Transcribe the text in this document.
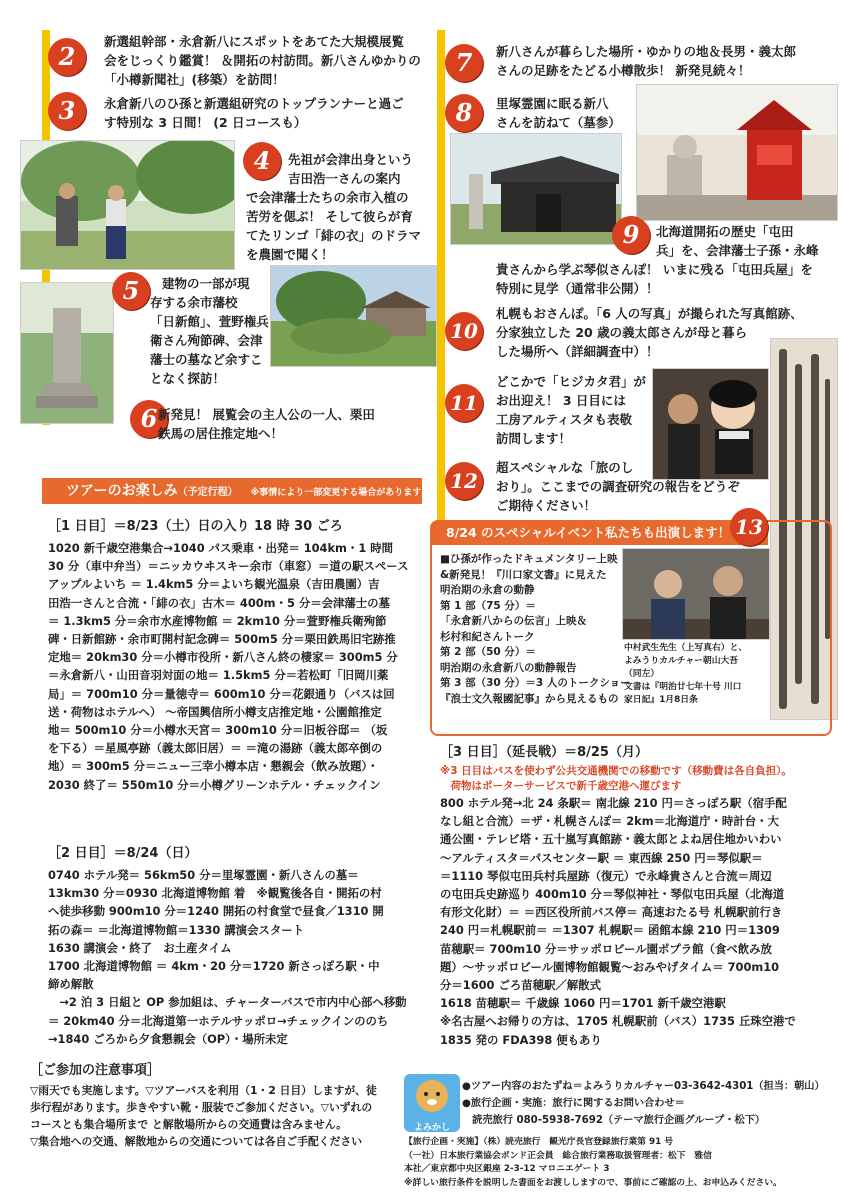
2
新選組幹部・永倉新八にスポットをあてた大規模展覧
会をじっくり鑑賞！ ＆開拓の村訪問。新八さんゆかりの
「小樽新聞社」(移築）を訪問！
3	永倉新八のひ孫と新選組研究のトップランナーと過ご
す特別な 3 日間！ (2 日コースも）
4	先祖が会津出身という
吉田浩一さんの案内
で会津藩士たちの余市入植の
苦労を偲ぶ！ そして彼らが育
てたリンゴ「緋の衣」のドラマ
を農園で聞く！
5	建物の一部が現
存する余市藩校
「日新館」、萱野権兵
衛さん殉節碑、会津
藩士の墓など余すこ
となく探訪！
6 新発見！ 展覧会の主人公の一人、栗田
鉄馬の居住推定地へ！
7	新八さんが暮らした場所・ゆかりの地＆長男・義太郎
さんの足跡をたどる小樽散歩！ 新発見続々！
8	里塚霊園に眠る新八
さんを訪ねて（墓参）
9	北海道開拓の歴史「屯田
兵」を、会津藩士子孫・永峰
貴さんから学ぶ琴似さんぽ！ いまに残る「屯田兵屋」を
特別に見学（通常非公開）！
10
札幌もおさんぽ。「6 人の写真」が撮られた写真館跡、
分家独立した 20 歳の義太郎さんが母と暮ら
した場所へ（詳細調査中）！
11
どこかで「ヒジカタ君」が
お出迎え！ 3 日目には
工房アルティスタも表敬
訪問します！
12
超スペシャルな「旅のし
おり」。ここまでの調査研究の報告をどうぞ
ご期待ください！
ツアーのお楽しみ（予定行程） ※事情により一部変更する場合があります
［1 日目］＝8/23（土）日の入り 18 時 30 ごろ
1020 新千歳空港集合→1040 パス乗車・出発＝ 104km・1 時間
30 分（車中弁当）＝ニッカウヰスキー余市（車窓）＝道の駅スペース
アップルよいち ＝ 1.4km5 分＝よいち観光温泉（吉田農園）吉
田浩一さんと合流・「緋の衣」古木＝ 400m・5 分＝会津藩士の墓
＝ 1.3km5 分＝余市水産博物館 ＝ 2km10 分＝萱野権兵衛殉節
碑・日新館跡・余市町開村記念碑＝ 500m5 分＝栗田鉄馬旧宅跡推
定地＝ 20km30 分＝小樽市役所・新八さん終の棲家＝ 300m5 分
＝永倉新八・山田音羽対面の地＝ 1.5km5 分＝若松町「旧岡川薬
局」＝ 700m10 分＝量徳寺＝ 600m10 分＝花銀通り（バスは回
送・荷物はホテルへ） ～帝国興信所小樽支店推定地・公園館推定
地＝ 500m10 分＝小樽水天宮＝ 300m10 分＝旧板谷邸＝ （坂
を下る）＝星風亭跡（義太郎旧居）＝ ＝滝の湯跡（義太郎卒倒の
地）＝ 300m5 分＝ニュー三幸小樽本店・懇親会（飲み放題）・
2030 終了＝ 550m10 分＝小樽グリーンホテル・チェックイン
［2 日目］＝8/24（日）
0740 ホテル発＝ 56km50 分＝里塚霊園・新八さんの墓＝
13km30 分＝0930 北海道博物館 着　※観覧後各自・開拓の村
へ徒歩移動 900m10 分＝1240 開拓の村食堂で昼食／1310 開
拓の森＝ ＝北海道博物館＝1330 講演会スタート
1630 講演会・終了　お土産タイム
1700 北海道博物館 ＝ 4km・20 分＝1720 新さっぽろ駅・中
締め解散
　→2 泊 3 日組と OP 参加組は、チャーターバスで市内中心部へ移動
＝ 20km40 分＝北海道第一ホテルサッポロ→チェックインののち
→1840 ごろから夕食懇親会（OP）・場所未定
8/24 のスペシャルイベント私たちも出演します！ 13
■ひ孫が作ったドキュメンタリー上映
&新発見！『川口家文書』に見えた
明治期の永倉の動静
第 1 部（75 分）＝
「永倉新八からの伝言」上映＆
杉村和紀さんトーク
第 2 部（50 分）＝
明治期の永倉新八の動静報告
第 3 部（30 分）＝3 人のトークショー
『浪士文久報國記事』から見えるもの
中村武生先生（上写真右）と、
よみうりカルチャー朝山大吾
（同左）
文書は『明治廿七年十号 川口
家日記』1月8日条
［3 日目］（延長戦）＝8/25（月）
※3 日目はバスを使わず公共交通機関での移動です（移動費は各自負担）。
　荷物はポーターサービスで新千歳空港へ運びます
800 ホテル発→北 24 条駅＝ 南北線 210 円＝さっぽろ駅（宿手配
なし組と合流）＝ザ・札幌さんぽ＝ 2km＝北海道庁・時計台・大
通公園・テレビ塔・五十嵐写真館跡・義太郎とよね居住地かいわい
～アルティスタ＝パスセンター駅 ＝ 東西線 250 円＝琴似駅＝
＝1110 琴似屯田兵村兵屋跡（復元）で永峰貴さんと合流＝周辺
の屯田兵史跡巡り 400m10 分＝琴似神社・琴似屯田兵屋（北海道
有形文化財）＝ ＝西区役所前バス停＝ 高速おたる号 札幌駅前行き
240 円＝札幌駅前＝ ＝1307 札幌駅＝ 函館本線 210 円＝1309
苗穂駅＝ 700m10 分＝サッポロビール園ポプラ館（食べ飲み放
題）～サッポロビール園博物館観覧～おみやげタイム＝ 700m10
分＝1600 ごろ苗穂駅／解散式
1618 苗穂駅＝ 千歳線 1060 円＝1701 新千歳空港駅
※名古屋へお帰りの方は、1705 札幌駅前（バス）1735 丘珠空港で
1835 発の FDA398 便もあり
［ご参加の注意事項］
▽雨天でも実施します。▽ツアーバスを利用（1・2 日目）しますが、徒
歩行程があります。歩きやすい靴・服装でご参加ください。▽いずれの
コースとも集合場所まで と解散場所からの交通費は含みません。
▽集合地への交通、解散地からの交通については各自ご手配ください
よみかし
●ツアー内容のおたずね＝よみうりカルチャー03-3642-4301（担当：朝山）
●旅行企画・実施：旅行に関するお問い合わせ＝
　読売旅行 080-5938-7692（テーマ旅行企画グループ・松下）
【旅行企画・実施】（株）読売旅行　観光庁長官登録旅行業第 91 号
（一社）日本旅行業協会ボンド正会員　総合旅行業務取扱管理者：松下　雅信
本社／東京都中央区銀座 2-3-12 マロニエゲート 3
※詳しい旅行条件を説明した書面をお渡ししますので、事前にご確認の上、お申込みください。
